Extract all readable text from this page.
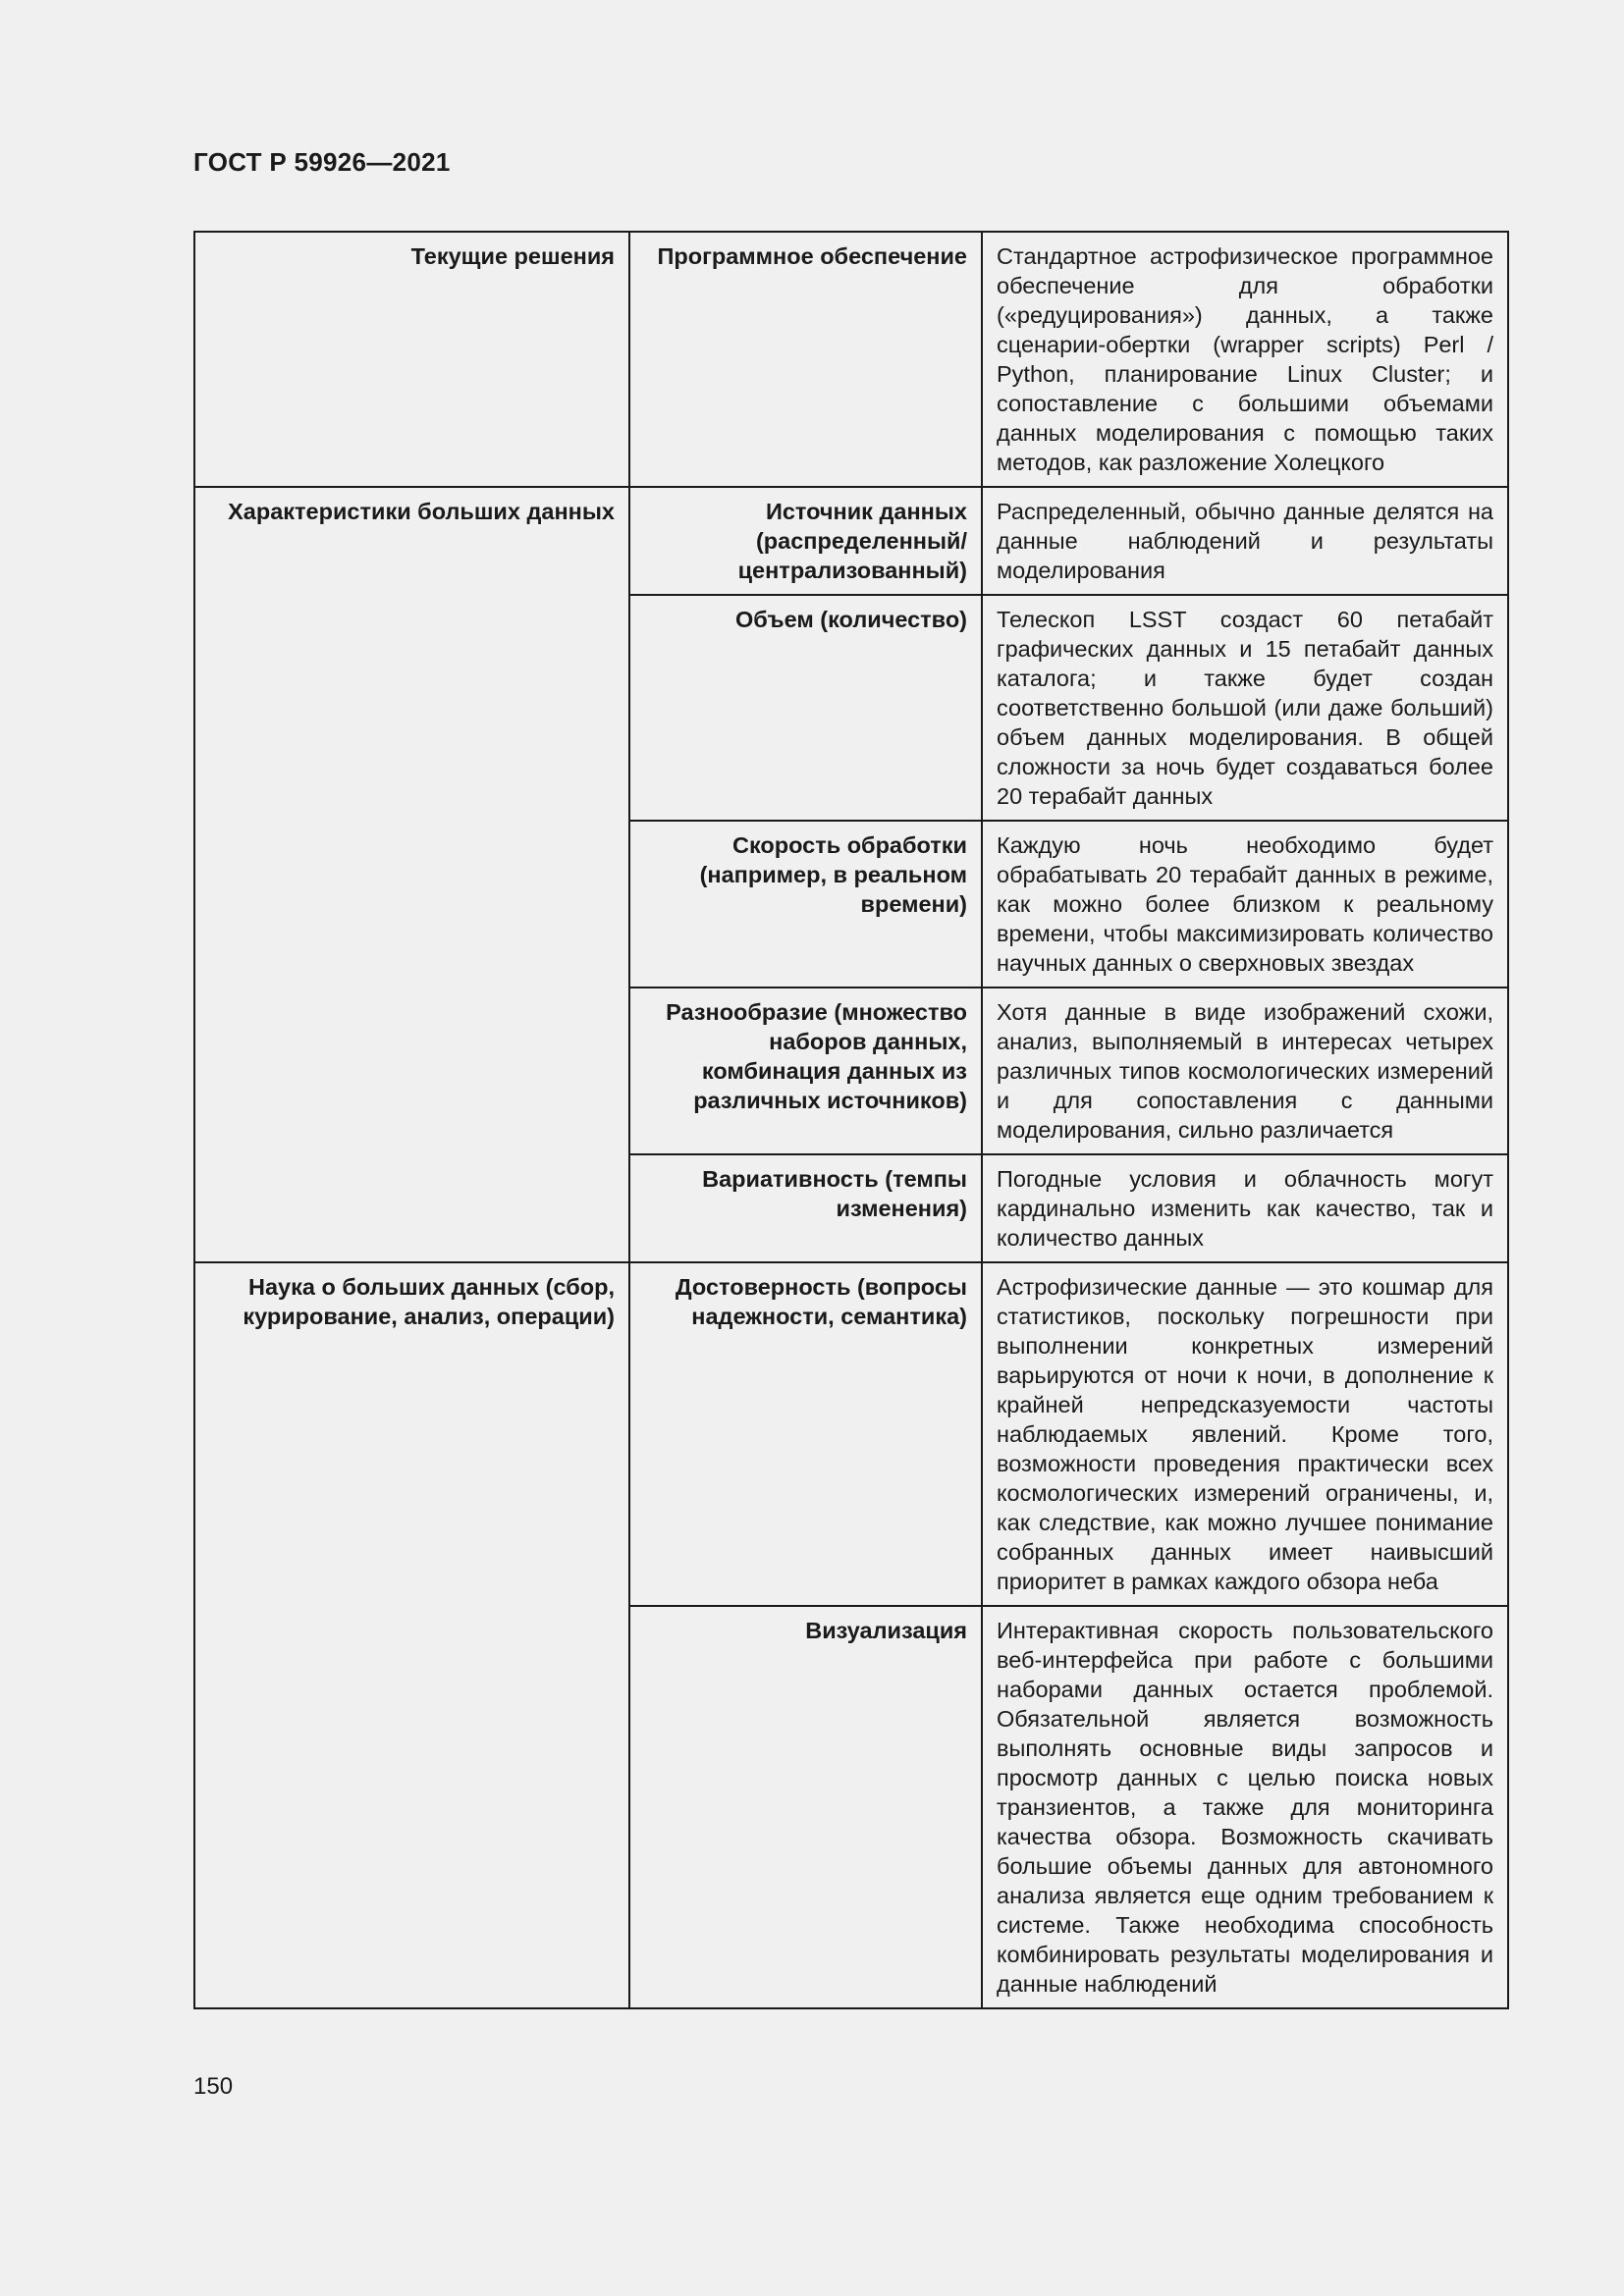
ГОСТ Р 59926—2021
Текущие решения	Программное обеспечение	Стандартное астрофизическое программное обеспечение для обработки («редуцирования») данных, а также сценарии-обертки (wrapper scripts) Perl / Python, планирование Linux Cluster; и сопоставление с большими объемами данных моделирования с помощью таких методов, как разложение Холецкого
Характеристики больших данных	Источник данных (распределенный/централизованный)	Распределенный, обычно данные делятся на данные наблюдений и результаты моделирования
	Объем (количество)	Телескоп LSST создаст 60 петабайт графических данных и 15 петабайт данных каталога; и также будет создан соответственно большой (или даже больший) объем данных моделирования. В общей сложности за ночь будет создаваться более 20 терабайт данных
	Скорость обработки (например, в реальном времени)	Каждую ночь необходимо будет обрабатывать 20 терабайт данных в режиме, как можно более близком к реальному времени, чтобы максимизировать количество научных данных о сверхновых звездах
	Разнообразие (множество наборов данных, комбинация данных из различных источников)	Хотя данные в виде изображений схожи, анализ, выполняемый в интересах четырех различных типов космологических измерений и для сопоставления с данными моделирования, сильно различается
	Вариативность (темпы изменения)	Погодные условия и облачность могут кардинально изменить как качество, так и количество данных
Наука о больших данных (сбор, курирование, анализ, операции)	Достоверность (вопросы надежности, семантика)	Астрофизические данные — это кошмар для статистиков, поскольку погрешности при выполнении конкретных измерений варьируются от ночи к ночи, в дополнение к крайней непредсказуемости частоты наблюдаемых явлений. Кроме того, возможности проведения практически всех космологических измерений ограничены, и, как следствие, как можно лучшее понимание собранных данных имеет наивысший приоритет в рамках каждого обзора неба
	Визуализация	Интерактивная скорость пользовательского веб-интерфейса при работе с большими наборами данных остается проблемой. Обязательной является возможность выполнять основные виды запросов и просмотр данных с целью поиска новых транзиентов, а также для мониторинга качества обзора. Возможность скачивать большие объемы данных для автономного анализа является еще одним требованием к системе. Также необходима способность комбинировать результаты моделирования и данные наблюдений
150
